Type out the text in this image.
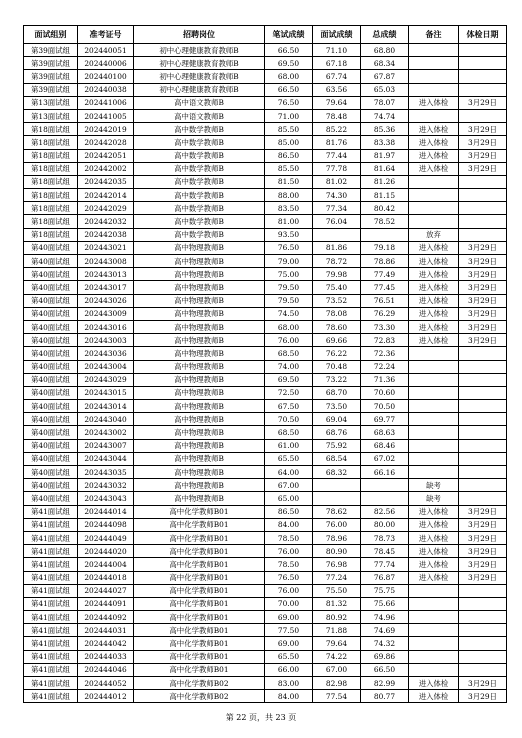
面试组别	准考证号	招聘岗位	笔试成绩	面试成绩	总成绩	备注	体检日期
第39面试组	202440051	初中心理健康教育教师B	66.50	71.10	68.80		
第39面试组	202440006	初中心理健康教育教师B	69.50	67.18	68.34		
第39面试组	202440100	初中心理健康教育教师B	68.00	67.74	67.87		
第39面试组	202440038	初中心理健康教育教师B	66.50	63.56	65.03		
第13面试组	202441006	高中语文教师B	76.50	79.64	78.07	进入体检	3月29日
第13面试组	202441005	高中语文教师B	71.00	78.48	74.74		
第18面试组	202442019	高中数学教师B	85.50	85.22	85.36	进入体检	3月29日
第18面试组	202442028	高中数学教师B	85.00	81.76	83.38	进入体检	3月29日
第18面试组	202442051	高中数学教师B	86.50	77.44	81.97	进入体检	3月29日
第18面试组	202442002	高中数学教师B	85.50	77.78	81.64	进入体检	3月29日
第18面试组	202442035	高中数学教师B	81.50	81.02	81.26		
第18面试组	202442014	高中数学教师B	88.00	74.30	81.15		
第18面试组	202442029	高中数学教师B	83.50	77.34	80.42		
第18面试组	202442032	高中数学教师B	81.00	76.04	78.52		
第18面试组	202442038	高中数学教师B	93.50			放弃	
第40面试组	202443021	高中物理教师B	76.50	81.86	79.18	进入体检	3月29日
第40面试组	202443008	高中物理教师B	79.00	78.72	78.86	进入体检	3月29日
第40面试组	202443013	高中物理教师B	75.00	79.98	77.49	进入体检	3月29日
第40面试组	202443017	高中物理教师B	79.50	75.40	77.45	进入体检	3月29日
第40面试组	202443026	高中物理教师B	79.50	73.52	76.51	进入体检	3月29日
第40面试组	202443009	高中物理教师B	74.50	78.08	76.29	进入体检	3月29日
第40面试组	202443016	高中物理教师B	68.00	78.60	73.30	进入体检	3月29日
第40面试组	202443003	高中物理教师B	76.00	69.66	72.83	进入体检	3月29日
第40面试组	202443036	高中物理教师B	68.50	76.22	72.36		
第40面试组	202443004	高中物理教师B	74.00	70.48	72.24		
第40面试组	202443029	高中物理教师B	69.50	73.22	71.36		
第40面试组	202443015	高中物理教师B	72.50	68.70	70.60		
第40面试组	202443014	高中物理教师B	67.50	73.50	70.50		
第40面试组	202443040	高中物理教师B	70.50	69.04	69.77		
第40面试组	202443002	高中物理教师B	68.50	68.76	68.63		
第40面试组	202443007	高中物理教师B	61.00	75.92	68.46		
第40面试组	202443044	高中物理教师B	65.50	68.54	67.02		
第40面试组	202443035	高中物理教师B	64.00	68.32	66.16		
第40面试组	202443032	高中物理教师B	67.00			缺考	
第40面试组	202443043	高中物理教师B	65.00			缺考	
第41面试组	202444014	高中化学教师B01	86.50	78.62	82.56	进入体检	3月29日
第41面试组	202444098	高中化学教师B01	84.00	76.00	80.00	进入体检	3月29日
第41面试组	202444049	高中化学教师B01	78.50	78.96	78.73	进入体检	3月29日
第41面试组	202444020	高中化学教师B01	76.00	80.90	78.45	进入体检	3月29日
第41面试组	202444004	高中化学教师B01	78.50	76.98	77.74	进入体检	3月29日
第41面试组	202444018	高中化学教师B01	76.50	77.24	76.87	进入体检	3月29日
第41面试组	202444027	高中化学教师B01	76.00	75.50	75.75		
第41面试组	202444091	高中化学教师B01	70.00	81.32	75.66		
第41面试组	202444092	高中化学教师B01	69.00	80.92	74.96		
第41面试组	202444031	高中化学教师B01	77.50	71.88	74.69		
第41面试组	202444042	高中化学教师B01	69.00	79.64	74.32		
第41面试组	202444033	高中化学教师B01	65.50	74.22	69.86		
第41面试组	202444046	高中化学教师B01	66.00	67.00	66.50		
第41面试组	202444052	高中化学教师B02	83.00	82.98	82.99	进入体检	3月29日
第41面试组	202444012	高中化学教师B02	84.00	77.54	80.77	进入体检	3月29日
第 22 页，共 23 页
